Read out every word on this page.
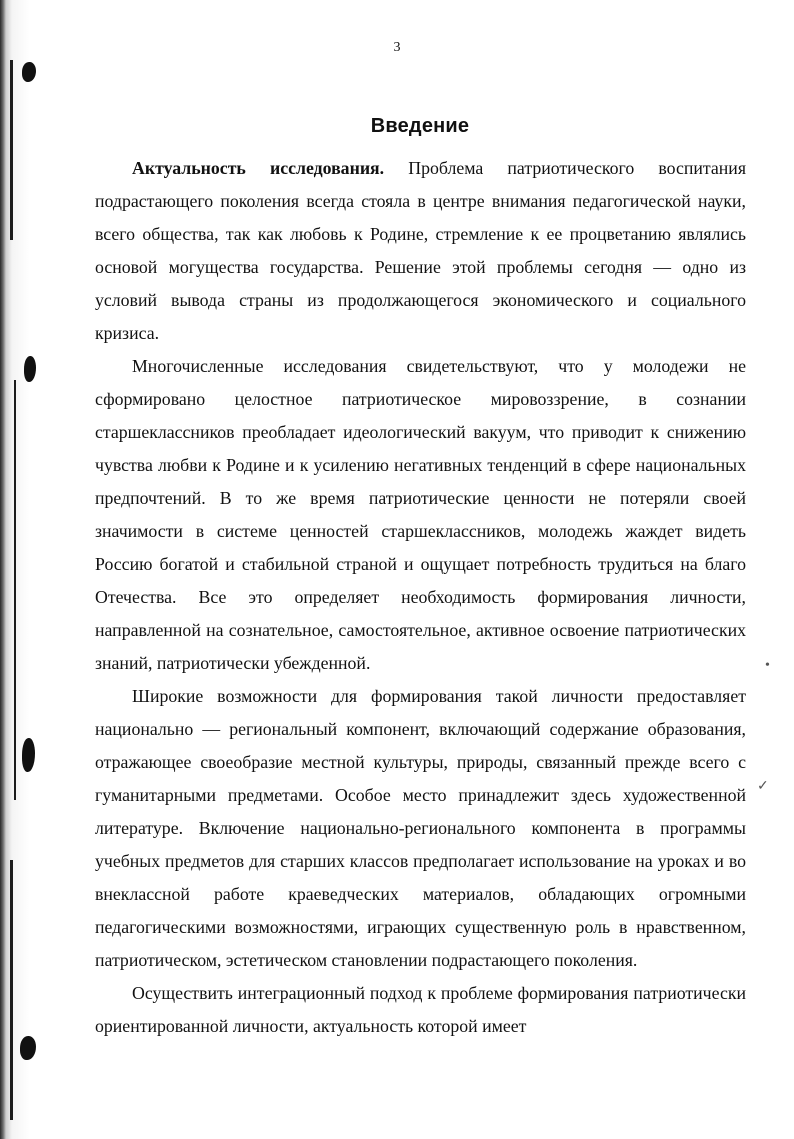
•
✓
3
Введение

Актуальность исследования. Проблема патриотического воспитания подрастающего поколения всегда стояла в центре внимания педагогической науки, всего общества, так как любовь к Родине, стремление к ее процветанию являлись основой могущества государства. Решение этой проблемы сегодня — одно из условий вывода страны из продолжающегося экономического и социального кризиса.

Многочисленные исследования свидетельствуют, что у молодежи не сформировано целостное патриотическое мировоззрение, в сознании старшеклассников преобладает идеологический вакуум, что приводит к снижению чувства любви к Родине и к усилению негативных тенденций в сфере национальных предпочтений. В то же время патриотические ценности не потеряли своей значимости в системе ценностей старшеклассников, молодежь жаждет видеть Россию богатой и стабильной страной и ощущает потребность трудиться на благо Отечества. Все это определяет необходимость формирования личности, направленной на сознательное, самостоятельное, активное освоение патриотических знаний, патриотически убежденной.

Широкие возможности для формирования такой личности предоставляет национально — региональный компонент, включающий содержание образования, отражающее своеобразие местной культуры, природы, связанный прежде всего с гуманитарными предметами. Особое место принадлежит здесь художественной литературе. Включение национально-регионального компонента в программы учебных предметов для старших классов предполагает использование на уроках и во внеклассной работе краеведческих материалов, обладающих огромными педагогическими возможностями, играющих существенную роль в нравственном, патриотическом, эстетическом становлении подрастающего поколения.

Осуществить интеграционный подход к проблеме формирования патриотически ориентированной личности, актуальность которой имеет
